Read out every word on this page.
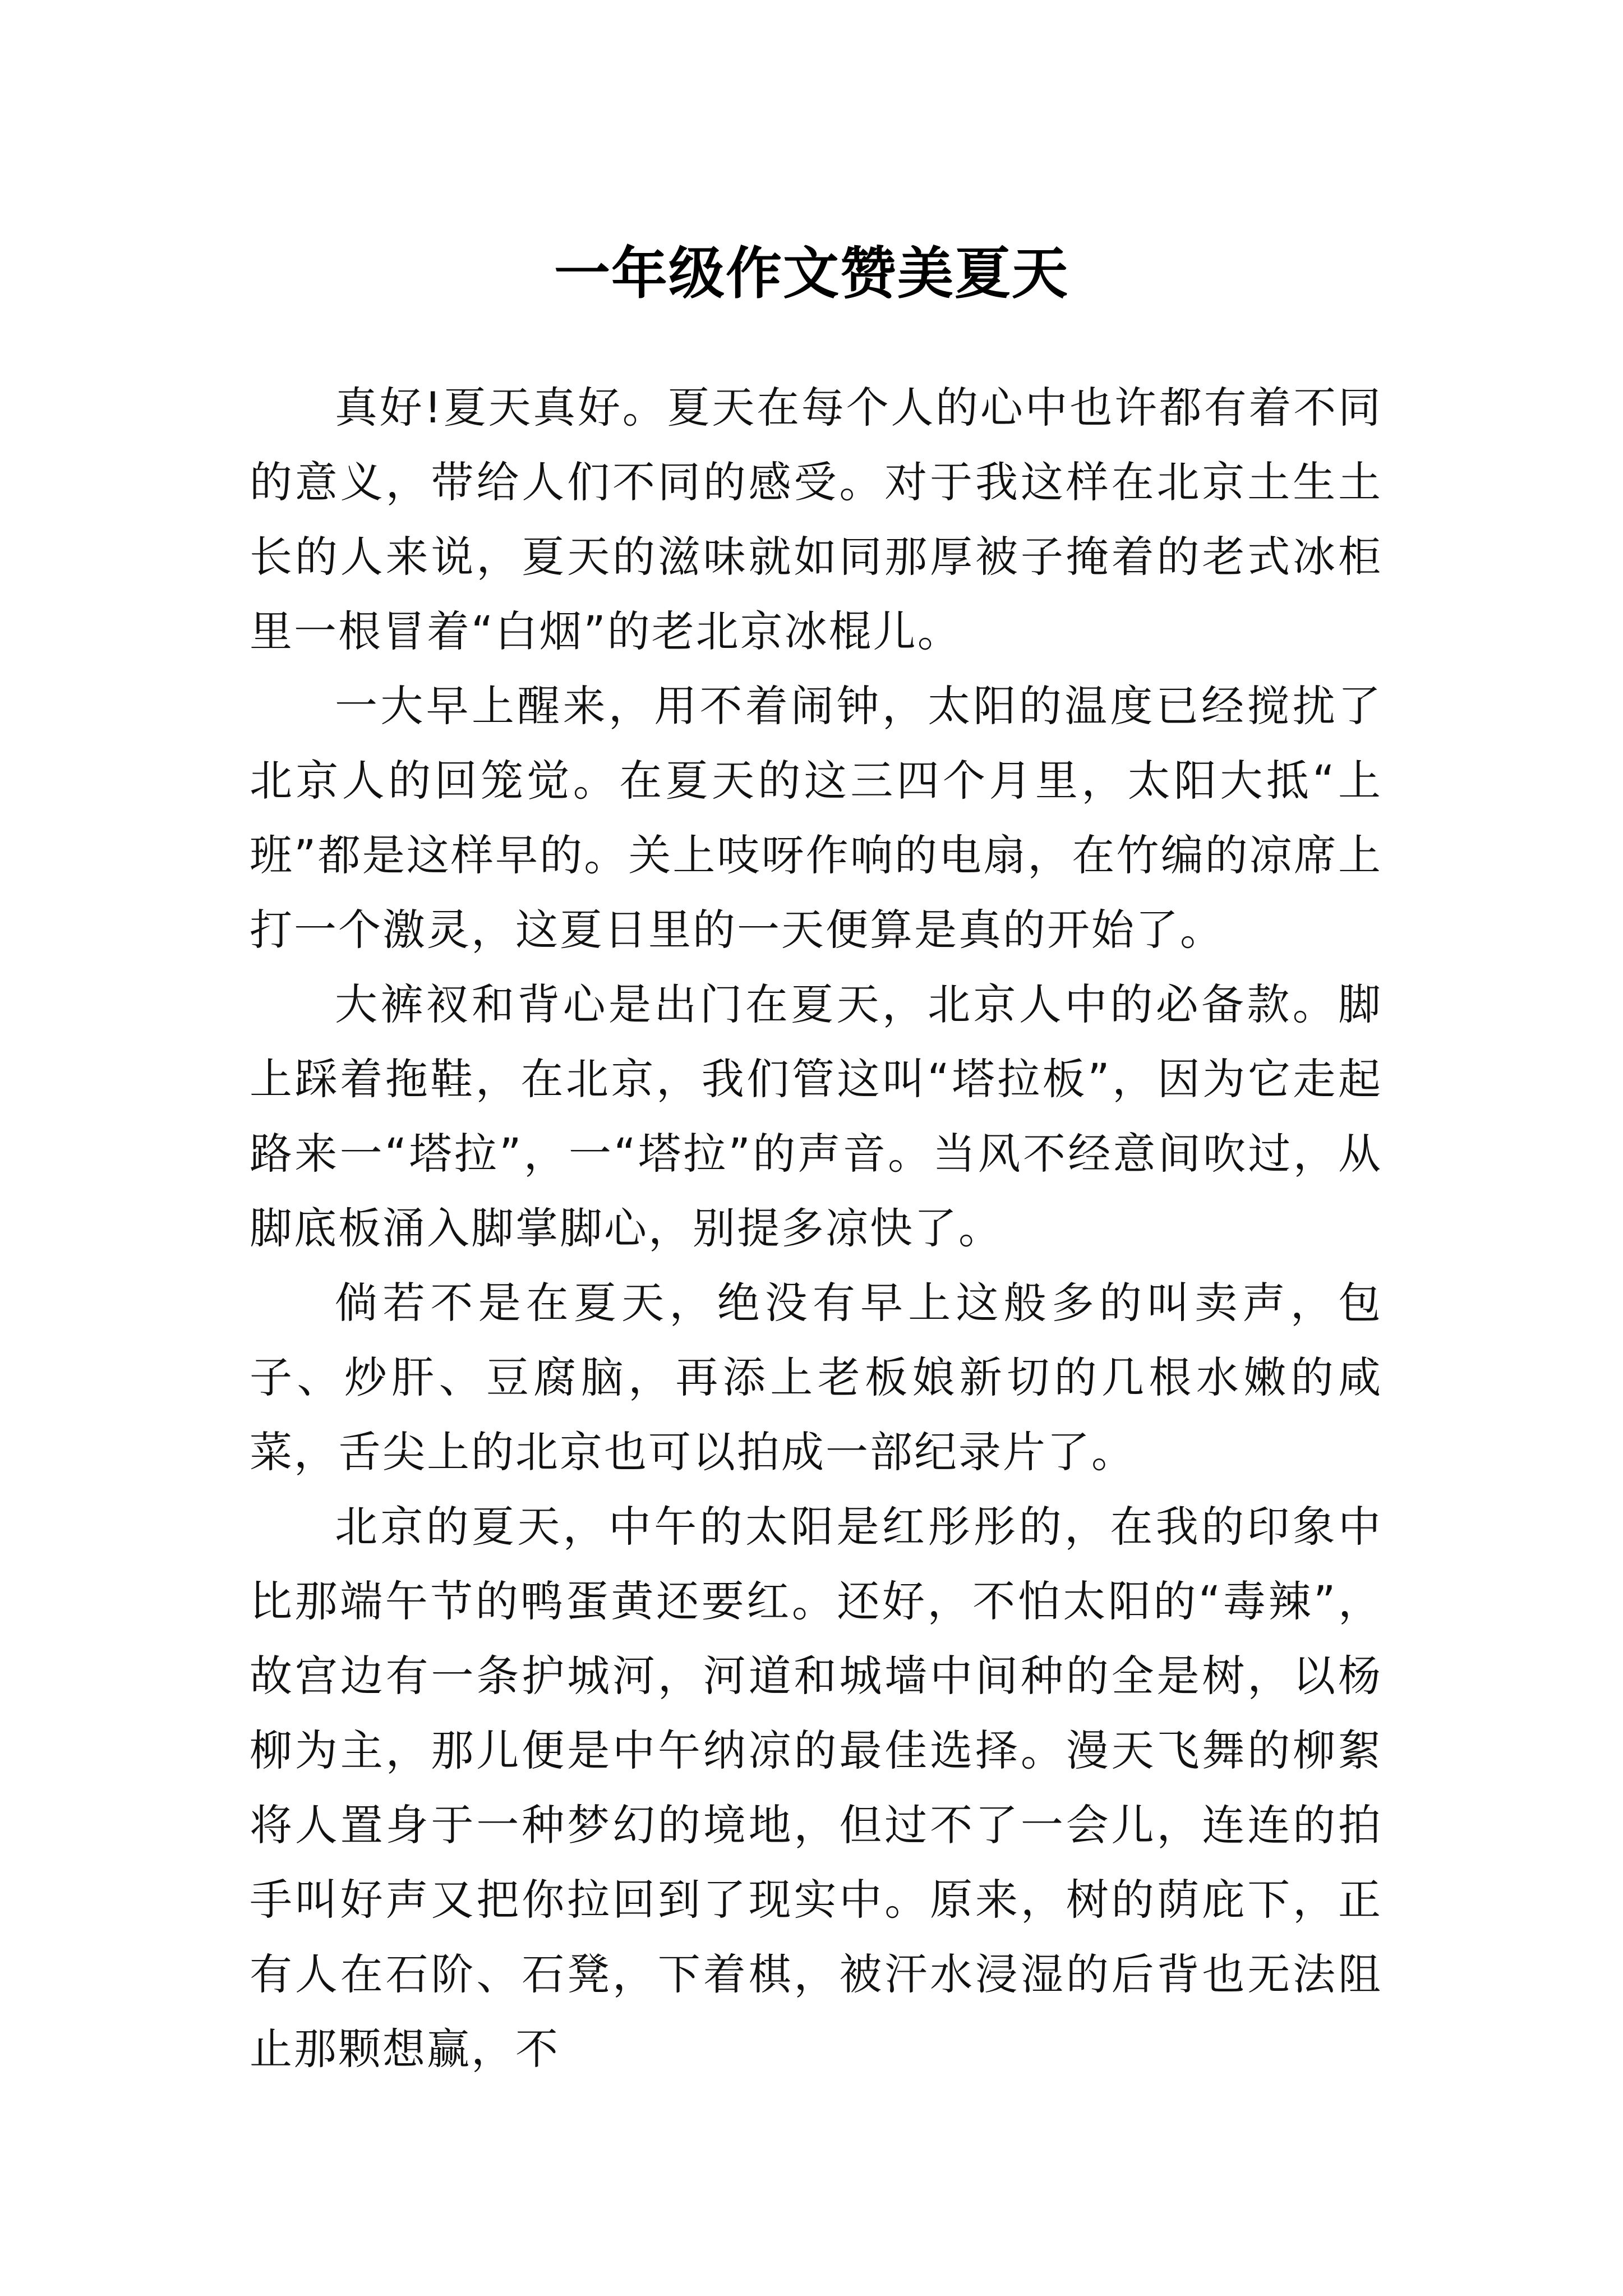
一年级作文赞美夏天

真好!夏天真好。夏天在每个人的心中也许都有着不同的意义，带给人们不同的感受。对于我这样在北京土生土长的人来说，夏天的滋味就如同那厚被子掩着的老式冰柜里一根冒着“白烟”的老北京冰棍儿。

一大早上醒来，用不着闹钟，太阳的温度已经搅扰了北京人的回笼觉。在夏天的这三四个月里，太阳大抵“上班”都是这样早的。关上吱呀作响的电扇，在竹编的凉席上打一个激灵，这夏日里的一天便算是真的开始了。

大裤衩和背心是出门在夏天，北京人中的必备款。脚上踩着拖鞋，在北京，我们管这叫“塔拉板”，因为它走起路来一“塔拉”，一“塔拉”的声音。当风不经意间吹过，从脚底板涌入脚掌脚心，别提多凉快了。

倘若不是在夏天，绝没有早上这般多的叫卖声，包子、炒肝、豆腐脑，再添上老板娘新切的几根水嫩的咸菜，舌尖上的北京也可以拍成一部纪录片了。

北京的夏天，中午的太阳是红彤彤的，在我的印象中比那端午节的鸭蛋黄还要红。还好，不怕太阳的“毒辣”，故宫边有一条护城河，河道和城墙中间种的全是树，以杨柳为主，那儿便是中午纳凉的最佳选择。漫天飞舞的柳絮将人置身于一种梦幻的境地，但过不了一会儿，连连的拍手叫好声又把你拉回到了现实中。原来，树的荫庇下，正有人在石阶、石凳，下着棋，被汗水浸湿的后背也无法阻止那颗想赢，不
